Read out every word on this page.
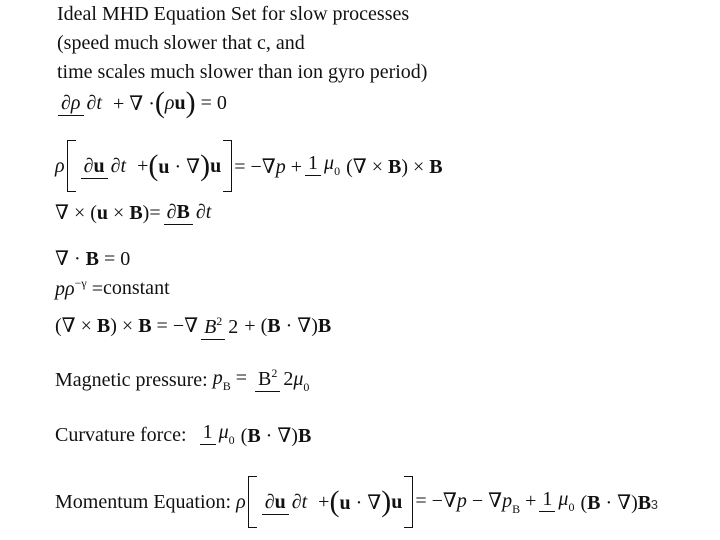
Ideal MHD Equation Set for slow processes
(speed much slower that c, and
time scales much slower than ion gyro period)
∂ρ ∂t + ∇ · ( ρu ) = 0
ρ ∂u ∂t + ( u · ∇ ) u = −∇p + 1 μ0 (∇ × B) × B
∇ × (u × B)= ∂B ∂t
∇ · B = 0
pρ−γ = constant
(∇ × B) × B = −∇ B2 2 + (B · ∇)B
Magnetic pressure: pB = B2 2μ0
Curvature force:
1 μ0 (B · ∇)B
Momentum Equation: ρ ∂u ∂t + ( u · ∇ ) u = −∇p − ∇pB + 1 μ0 (B · ∇)B 3
